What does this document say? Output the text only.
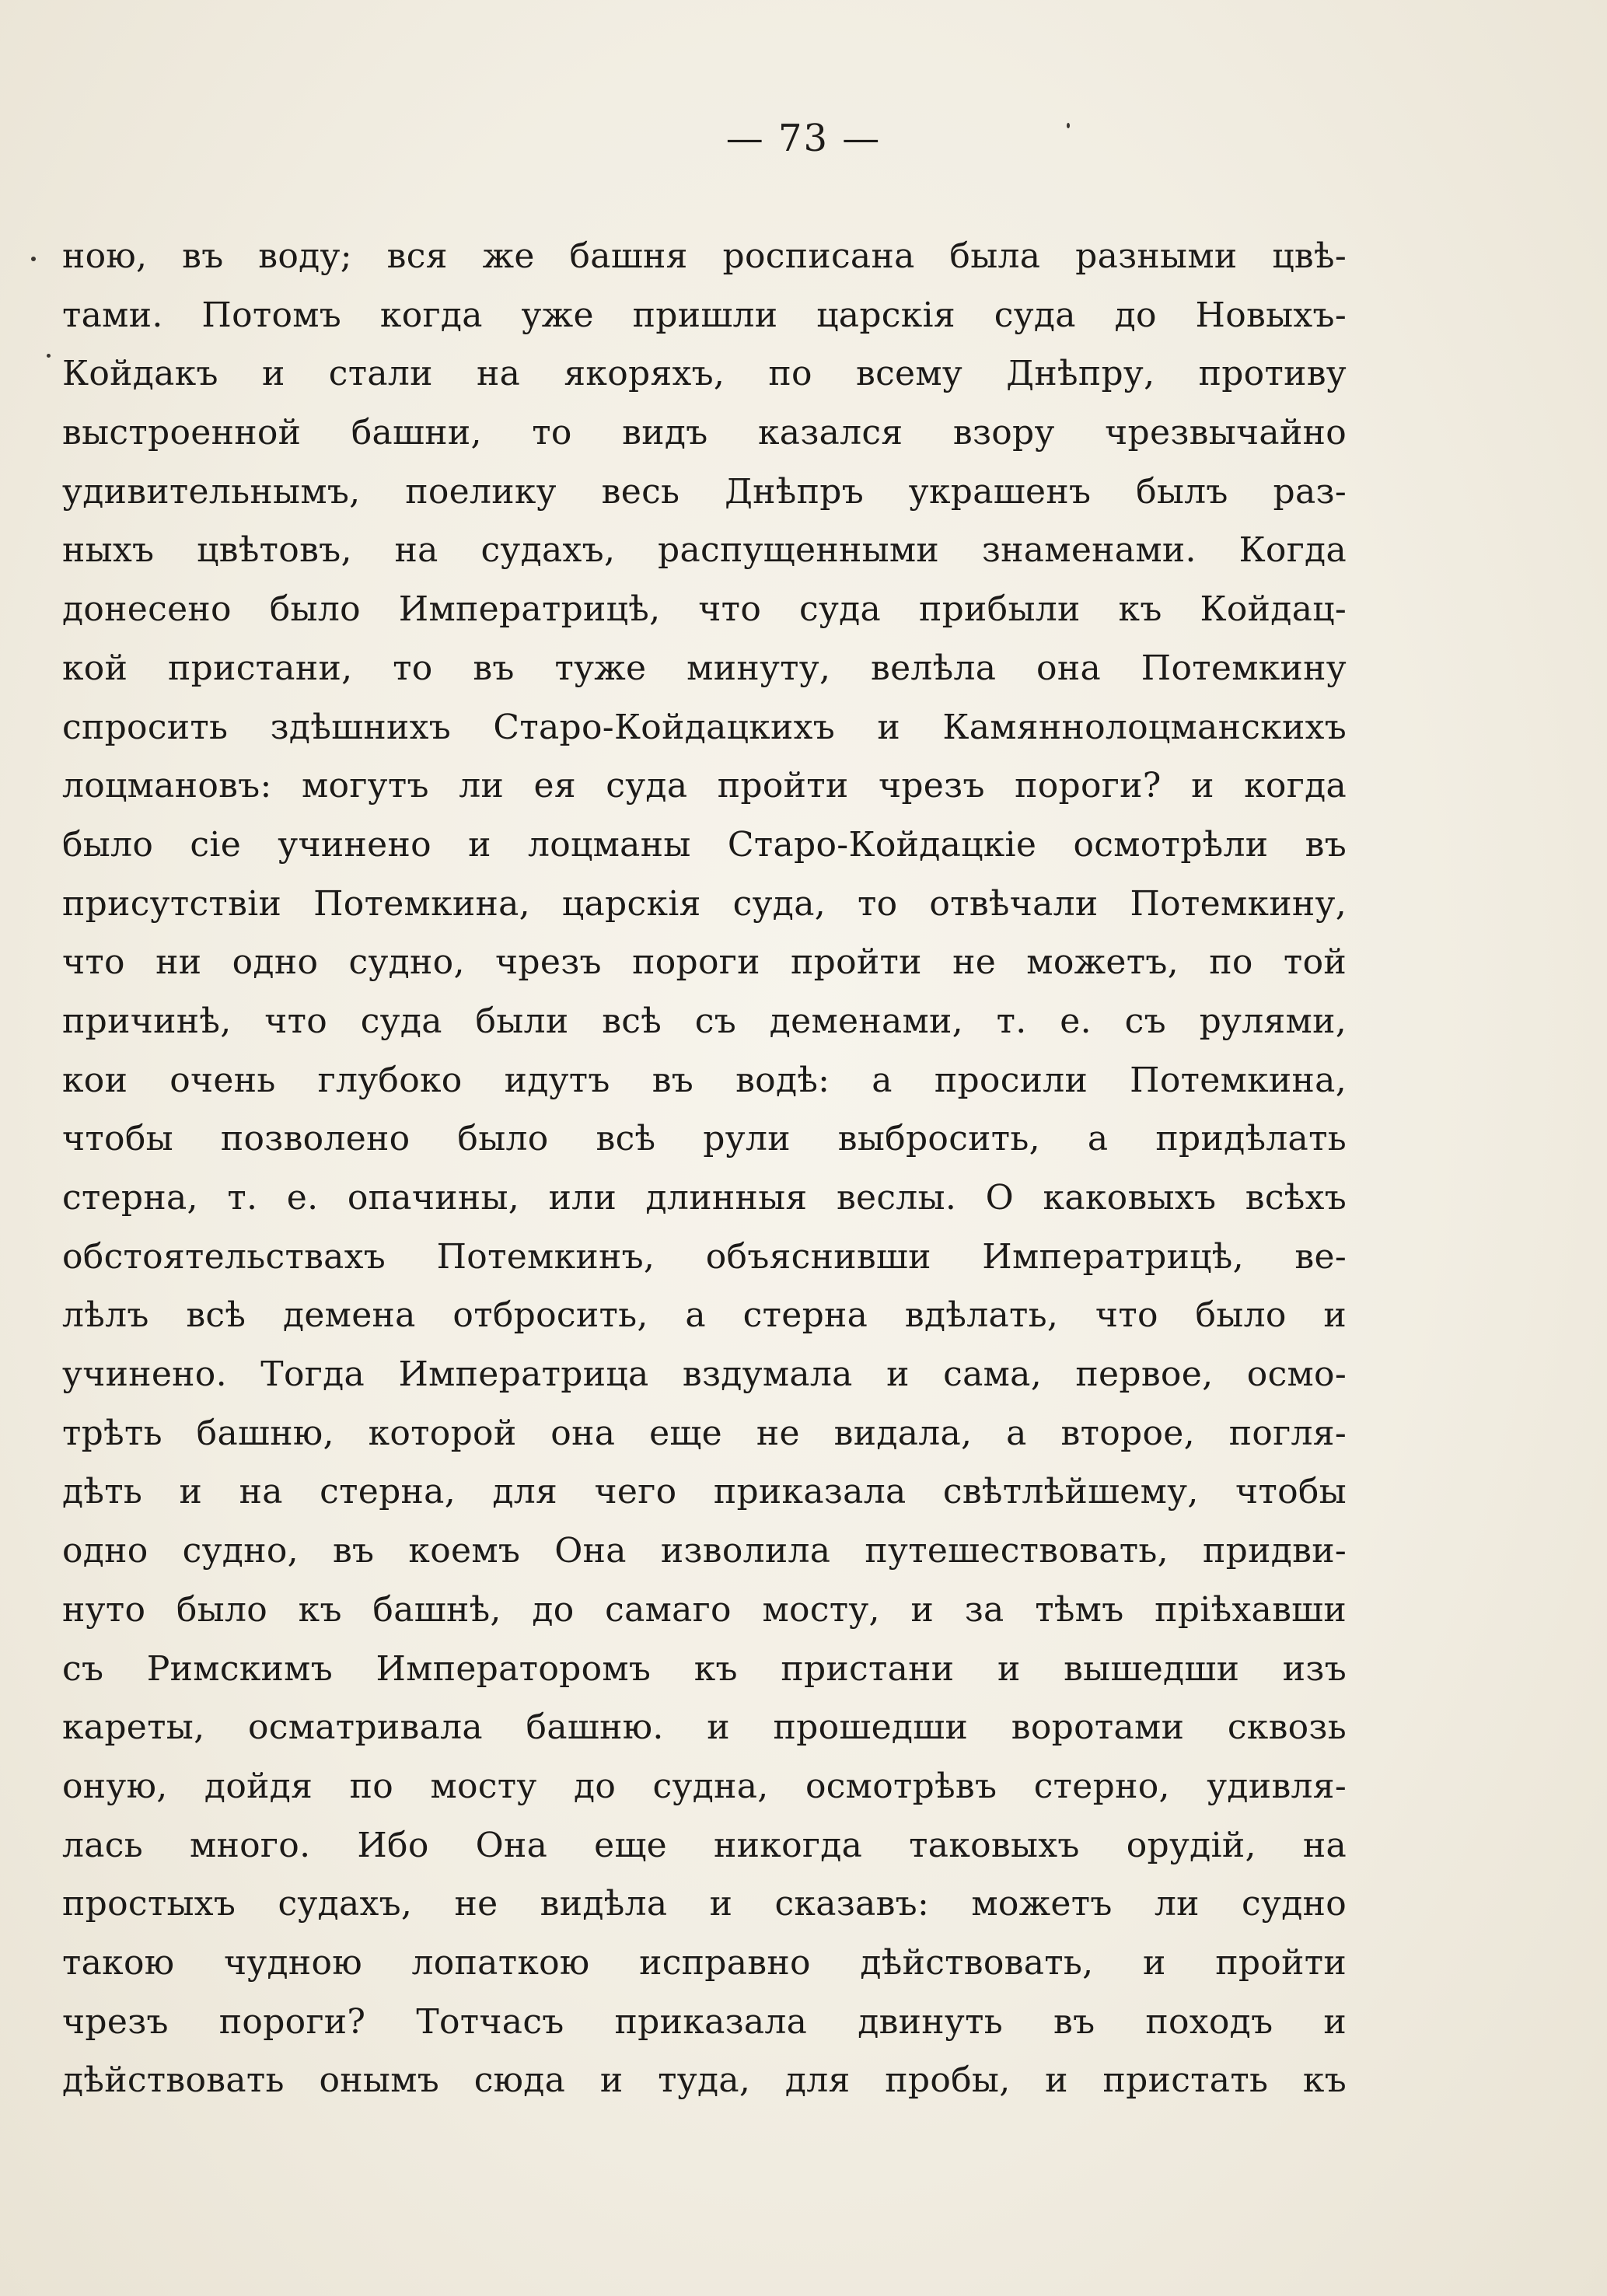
— 73 —
ною, въ воду; вся же башня росписана была разными цвѣ-
тами. Потомъ когда уже пришли царскія суда до Новыхъ-
Койдакъ и стали на якоряхъ, по всему Днѣпру, противу
выстроенной башни, то видъ казался взору чрезвычайно
удивительнымъ, поелику весь Днѣпръ украшенъ былъ раз-
ныхъ цвѣтовъ, на судахъ, распущенными знаменами. Когда
донесено было Императрицѣ, что суда прибыли къ Койдац-
кой пристани, то въ туже минуту, велѣла она Потемкину
спросить здѣшнихъ Старо-Койдацкихъ и Камяннолоцманскихъ
лоцмановъ: могутъ ли ея суда пройти чрезъ пороги? и когда
было сіе учинено и лоцманы Старо-Койдацкіе осмотрѣли въ
присутствіи Потемкина, царскія суда, то отвѣчали Потемкину,
что ни одно судно, чрезъ пороги пройти не можетъ, по той
причинѣ, что суда были всѣ съ деменами, т. е. съ рулями,
кои очень глубоко идутъ въ водѣ: а просили Потемкина,
чтобы позволено было всѣ рули выбросить, а придѣлать
стерна, т. е. опачины, или длинныя веслы. О каковыхъ всѣхъ
обстоятельствахъ Потемкинъ, объяснивши Императрицѣ, ве-
лѣлъ всѣ демена отбросить, а стерна вдѣлать, что было и
учинено. Тогда Императрица вздумала и сама, первое, осмо-
трѣть башню, которой она еще не видала, а второе, погля-
дѣть и на стерна, для чего приказала свѣтлѣйшему, чтобы
одно судно, въ коемъ Она изволила путешествовать, придви-
нуто было къ башнѣ, до самаго мосту, и за тѣмъ пріѣхавши
съ Римскимъ Императоромъ къ пристани и вышедши изъ
кареты, осматривала башню. и прошедши воротами сквозь
оную, дойдя по мосту до судна, осмотрѣвъ стерно, удивля-
лась много. Ибо Она еще никогда таковыхъ орудій, на
простыхъ судахъ, не видѣла и сказавъ: можетъ ли судно
такою чудною лопаткою исправно дѣйствовать, и пройти
чрезъ пороги? Тотчасъ приказала двинуть въ походъ и
дѣйствовать онымъ сюда и туда, для пробы, и пристать къ
